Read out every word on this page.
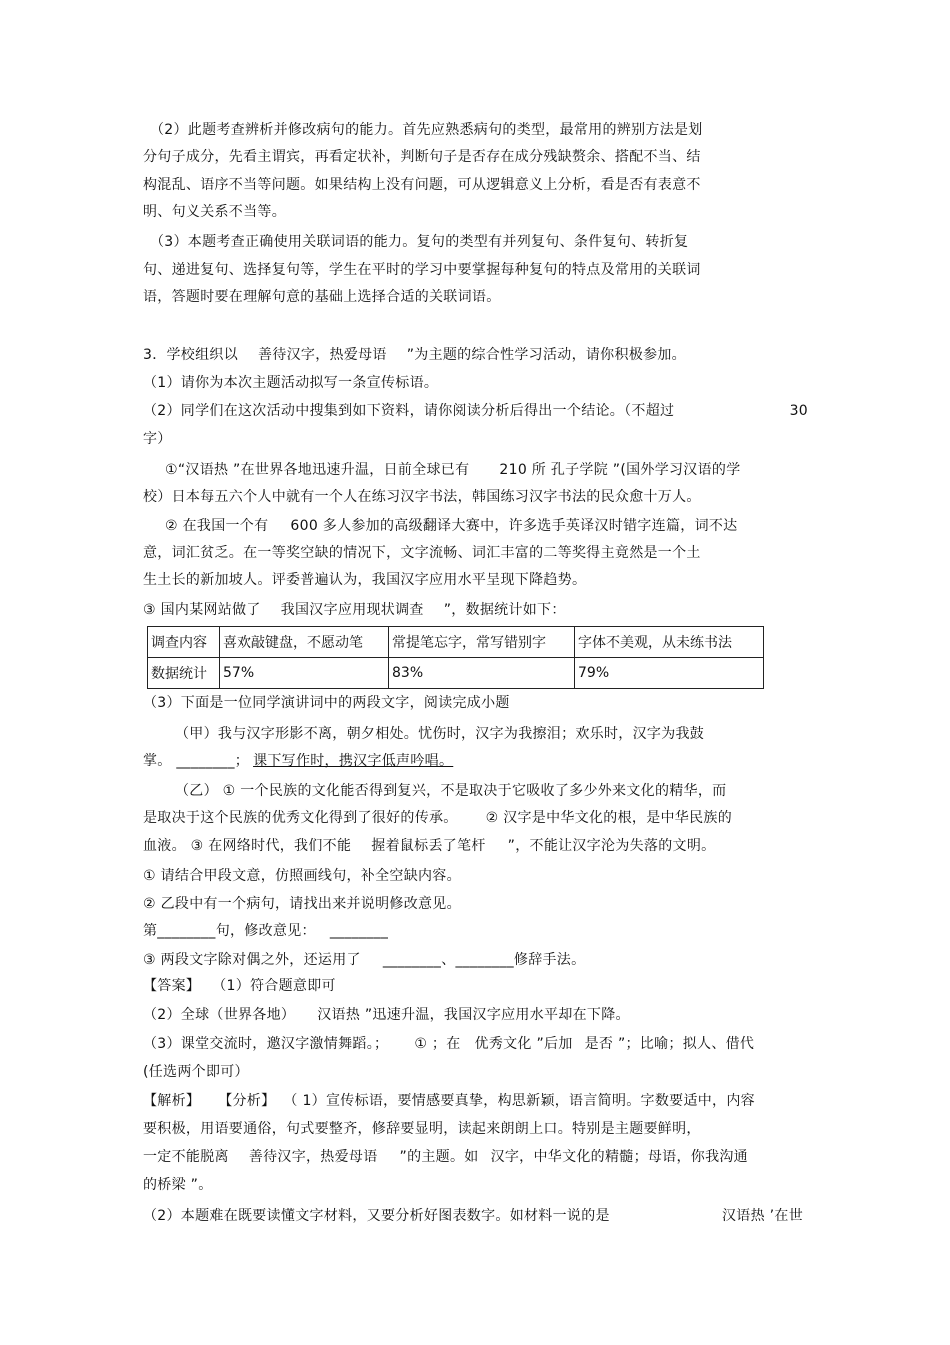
（2）此题考查辨析并修改病句的能力。首先应熟悉病句的类型，最常用的辨别方法是划
分句子成分，先看主谓宾，再看定状补，判断句子是否存在成分残缺赘余、搭配不当、结
构混乱、语序不当等问题。如果结构上没有问题，可从逻辑意义上分析，看是否有表意不
明、句义关系不当等。
（3）本题考查正确使用关联词语的能力。复句的类型有并列复句、条件复句、转折复
句、递进复句、选择复句等，学生在平时的学习中要掌握每种复句的特点及常用的关联词
语，答题时要在理解句意的基础上选择合适的关联词语。
3．学校组织以 善待汉字，热爱母语 ”为主题的综合性学习活动，请你积极参加。
（1）请你为本次主题活动拟写一条宣传标语。
（2）同学们在这次活动中搜集到如下资料，请你阅读分析后得出一个结论。（不超过	30
字）
①“汉语热 ”在世界各地迅速升温，日前全球已有 210 所 孔子学院 ”(国外学习汉语的学
校）日本每五六个人中就有一个人在练习汉字书法，韩国练习汉字书法的民众愈十万人。
② 在我国一个有 600 多人参加的高级翻译大赛中，许多选手英译汉时错字连篇，词不达
意，词汇贫乏。在一等奖空缺的情况下，文字流畅、词汇丰富的二等奖得主竟然是一个土
生土长的新加坡人。评委普遍认为，我国汉字应用水平呈现下降趋势。
③ 国内某网站做了 我国汉字应用现状调查 ”，数据统计如下：
调查内容	喜欢敲键盘，不愿动笔	常提笔忘字，常写错别字	字体不美观，从未练书法
数据统计	57%	83%	79%
（3）下面是一位同学演讲词中的两段文字，阅读完成小题
（甲）我与汉字形影不离，朝夕相处。忧伤时，汉字为我擦泪；欢乐时，汉字为我鼓
掌。 ________； 课下写作时，携汉字低声吟唱。
（乙） ① 一个民族的文化能否得到复兴，不是取决于它吸收了多少外来文化的精华，而
是取决于这个民族的优秀文化得到了很好的传承。 ② 汉字是中华文化的根，是中华民族的
血液。 ③ 在网络时代，我们不能 握着鼠标丢了笔杆 ”，不能让汉字沦为失落的文明。
① 请结合甲段文意，仿照画线句，补全空缺内容。
② 乙段中有一个病句，请找出来并说明修改意见。
第________句，修改意见： ________
③ 两段文字除对偶之外，还运用了 ________、________修辞手法。
【答案】 （1）符合题意即可
（2）全球（世界各地） 汉语热 ”迅速升温，我国汉字应用水平却在下降。
（3）课堂交流时，邀汉字激情舞蹈。； ① ；在 优秀文化 ”后加 是否 ”；比喻；拟人、借代
(任选两个即可）
【解析】 【分析】 （ 1）宣传标语，要情感要真挚，构思新颖，语言简明。字数要适中，内容
要积极，用语要通俗，句式要整齐，修辞要显明，读起来朗朗上口。特别是主题要鲜明，
一定不能脱离 善待汉字，热爱母语 ”的主题。如 汉字，中华文化的精髓；母语，你我沟通
的桥梁 ”。
（2）本题难在既要读懂文字材料，又要分析好图表数字。如材料一说的是	汉语热 ’在世
